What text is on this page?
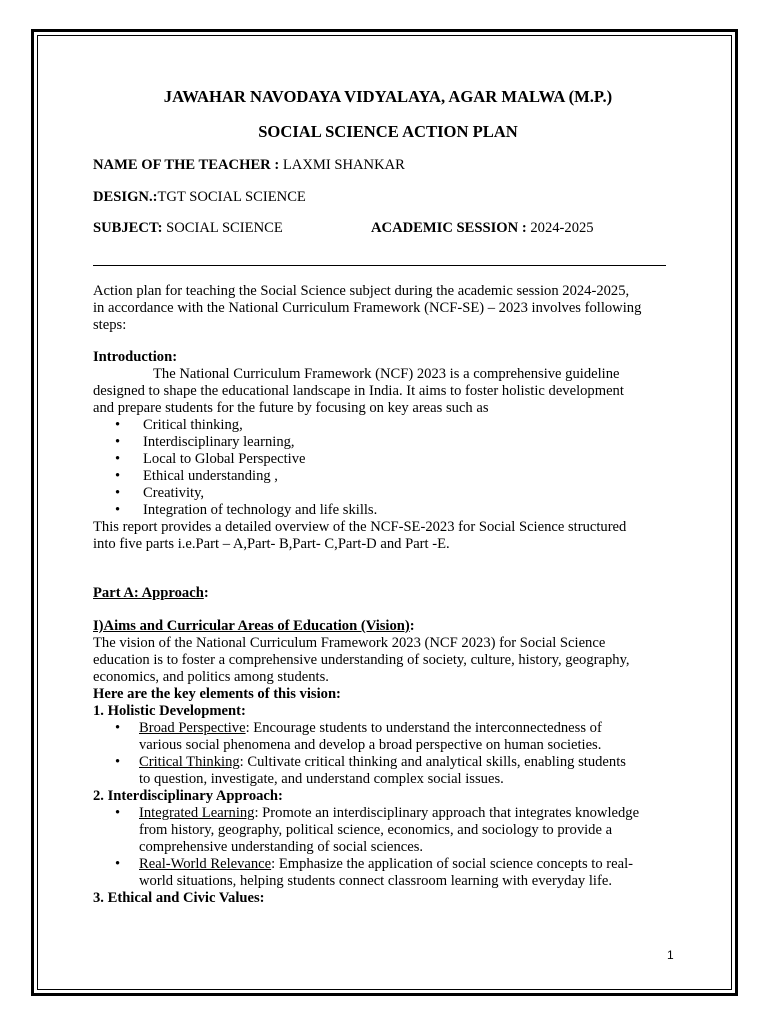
JAWAHAR NAVODAYA VIDYALAYA, AGAR MALWA (M.P.)
SOCIAL SCIENCE ACTION PLAN
NAME OF THE TEACHER : LAXMI SHANKAR
DESIGN.:TGT SOCIAL SCIENCE
SUBJECT: SOCIAL SCIENCE	ACADEMIC SESSION : 2024-2025
Action plan for teaching the Social Science subject during the academic session 2024-2025,
in accordance with the National Curriculum Framework (NCF-SE) – 2023 involves following
steps:
Introduction:
The National Curriculum Framework (NCF) 2023 is a comprehensive guideline
designed to shape the educational landscape in India. It aims to foster holistic development
and prepare students for the future by focusing on key areas such as
• Critical thinking,
• Interdisciplinary learning,
• Local to Global Perspective
• Ethical understanding ,
• Creativity,
• Integration of technology and life skills.
This report provides a detailed overview of the NCF-SE-2023 for Social Science structured
into five parts i.e.Part – A,Part- B,Part- C,Part-D and Part -E.
Part A: Approach:
I)Aims and Curricular Areas of Education (Vision):
The vision of the National Curriculum Framework 2023 (NCF 2023) for Social Science
education is to foster a comprehensive understanding of society, culture, history, geography,
economics, and politics among students.
Here are the key elements of this vision:
1. Holistic Development:
• Broad Perspective: Encourage students to understand the interconnectedness of
various social phenomena and develop a broad perspective on human societies.
• Critical Thinking: Cultivate critical thinking and analytical skills, enabling students
to question, investigate, and understand complex social issues.
2. Interdisciplinary Approach:
• Integrated Learning: Promote an interdisciplinary approach that integrates knowledge
from history, geography, political science, economics, and sociology to provide a
comprehensive understanding of social sciences.
• Real-World Relevance: Emphasize the application of social science concepts to real-
world situations, helping students connect classroom learning with everyday life.
3. Ethical and Civic Values:
1
